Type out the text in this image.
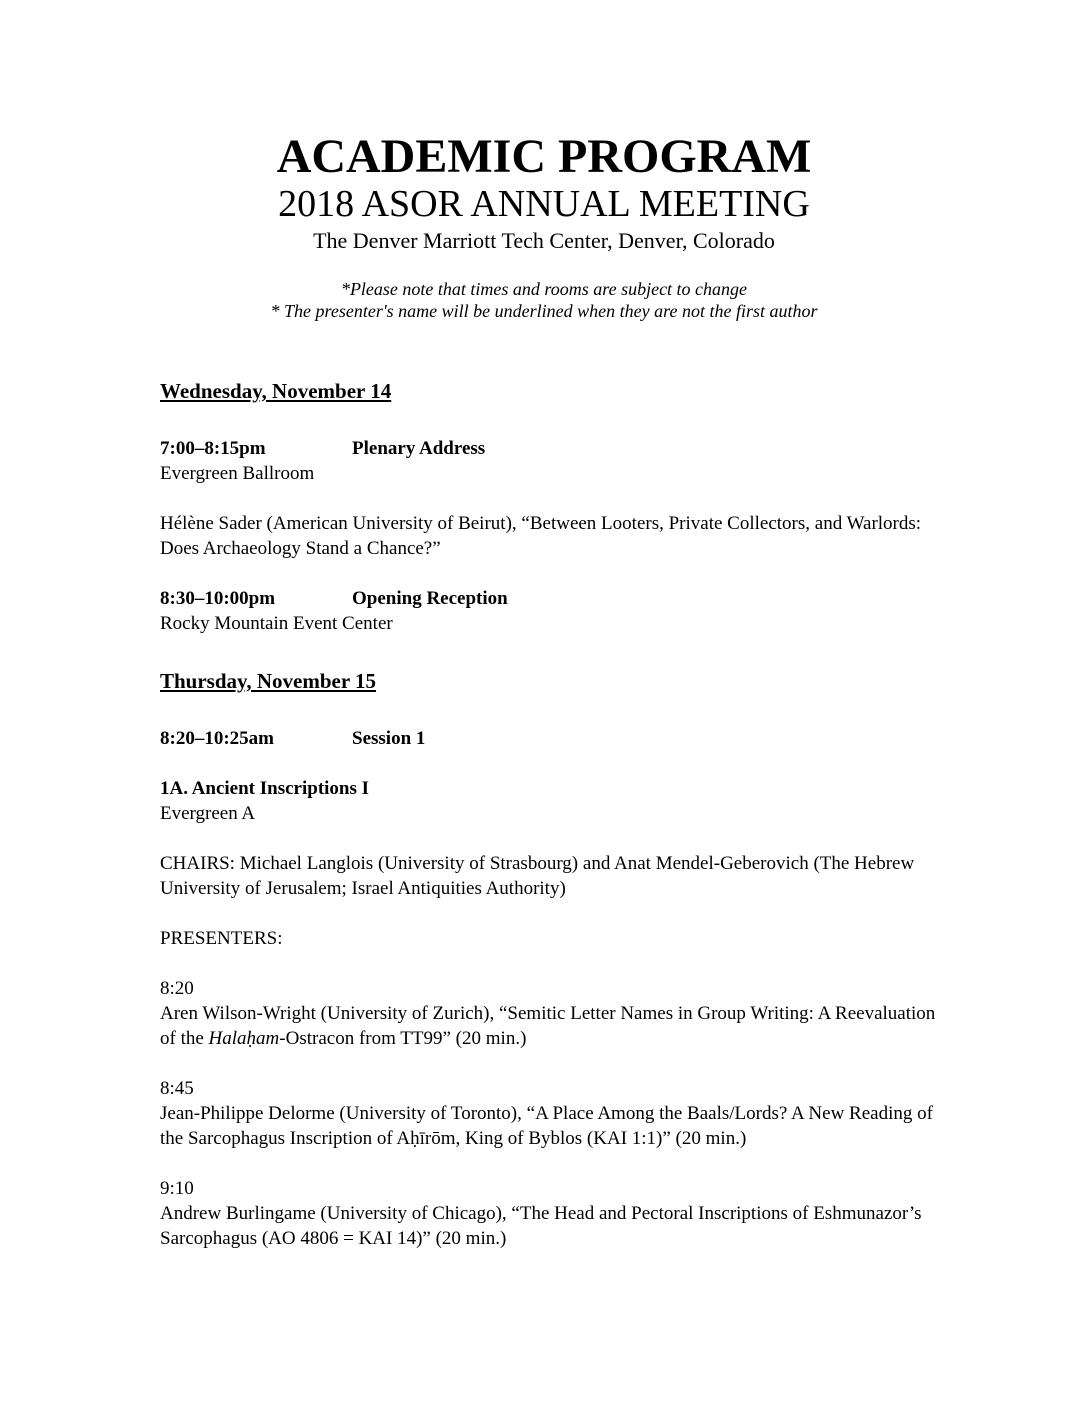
ACADEMIC PROGRAM
2018 ASOR ANNUAL MEETING
The Denver Marriott Tech Center, Denver, Colorado
*Please note that times and rooms are subject to change
* The presenter's name will be underlined when they are not the first author

Wednesday, November 14

7:00–8:15pm	Plenary Address

Evergreen Ballroom

Hélène Sader (American University of Beirut), “Between Looters, Private Collectors, and Warlords: Does Archaeology Stand a Chance?”

8:30–10:00pm	Opening Reception

Rocky Mountain Event Center

Thursday, November 15

8:20–10:25am	Session 1

1A. Ancient Inscriptions I

Evergreen A

CHAIRS: Michael Langlois (University of Strasbourg) and Anat Mendel-Geberovich (The Hebrew University of Jerusalem; Israel Antiquities Authority)

PRESENTERS:

8:20

Aren Wilson-Wright (University of Zurich), “Semitic Letter Names in Group Writing: A Reevaluation of the Halaḥam-Ostracon from TT99” (20 min.)

8:45

Jean-Philippe Delorme (University of Toronto), “A Place Among the Baals/Lords? A New Reading of the Sarcophagus Inscription of Aḥīrōm, King of Byblos (KAI 1:1)” (20 min.)

9:10

Andrew Burlingame (University of Chicago), “The Head and Pectoral Inscriptions of Eshmunazor’s Sarcophagus (AO 4806 = KAI 14)” (20 min.)
